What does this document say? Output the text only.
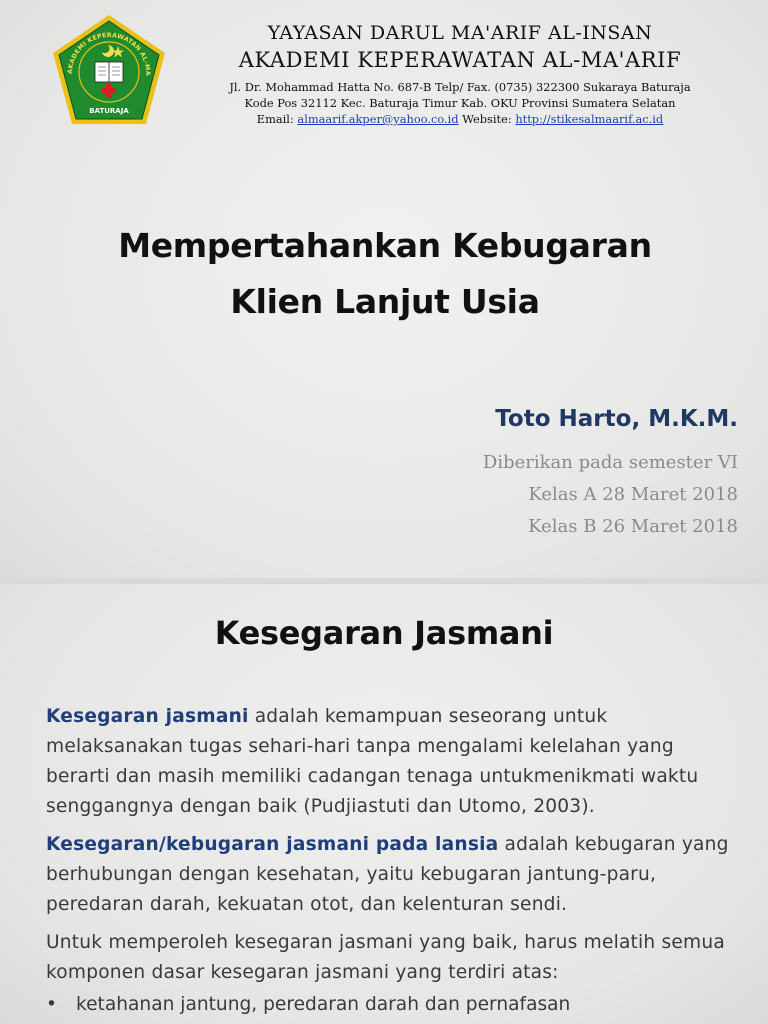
AKADEMI KEPERAWATAN AL-MA
BATURAJA
YAYASAN DARUL MA'ARIF AL-INSAN
AKADEMI KEPERAWATAN AL-MA'ARIF
Jl. Dr. Mohammad Hatta No. 687-B Telp/ Fax. (0735) 322300 Sukaraya Baturaja
Kode Pos 32112 Kec. Baturaja Timur Kab. OKU Provinsi Sumatera Selatan
Email: almaarif.akper@yahoo.co.id Website: http://stikesalmaarif.ac.id
Mempertahankan Kebugaran
Klien Lanjut Usia
Toto Harto, M.K.M.
Diberikan pada semester VI
Kelas A 28 Maret 2018
Kelas B 26 Maret 2018
Kesegaran Jasmani
Kesegaran jasmani adalah kemampuan seseorang untuk melaksanakan tugas sehari-hari tanpa mengalami kelelahan yang berarti dan masih memiliki cadangan tenaga untukmenikmati waktu senggangnya dengan baik (Pudjiastuti dan Utomo, 2003).
Kesegaran/kebugaran jasmani pada lansia adalah kebugaran yang berhubungan dengan kesehatan, yaitu kebugaran jantung-paru, peredaran darah, kekuatan otot, dan kelenturan sendi.
Untuk memperoleh kesegaran jasmani yang baik, harus melatih semua komponen dasar kesegaran jasmani yang terdiri atas:
• ketahanan jantung, peredaran darah dan pernafasan
